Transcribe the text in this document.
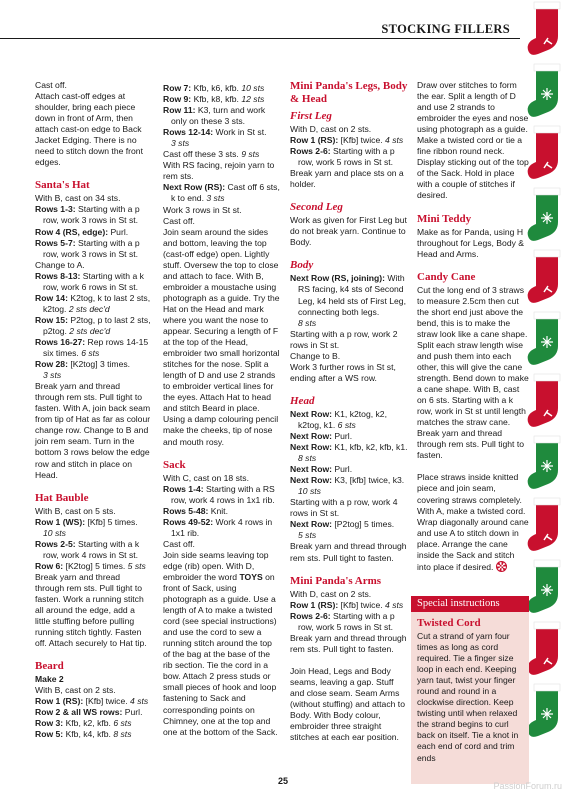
STOCKING FILLERS

Cast off.

Attach cast-off edges at shoulder, bring each piece down in front of Arm, then attach cast-on edge to Back Jacket Edging. There is no need to stitch down the front edges.

Santa's Hat

With B, cast on 34 sts.

Rows 1-3: Starting with a p row, work 3 rows in St st.

Row 4 (RS, edge): Purl.

Rows 5-7: Starting with a p row, work 3 rows in St st.

Change to A.

Rows 8-13: Starting with a k row, work 6 rows in St st.

Row 14: K2tog, k to last 2 sts, k2tog. 2 sts dec'd

Row 15: P2tog, p to last 2 sts, p2tog. 2 sts dec'd

Rows 16-27: Rep rows 14-15 six times. 6 sts

Row 28: [K2tog] 3 times.

3 sts

Break yarn and thread through rem sts. Pull tight to fasten. With A, join back seam from tip of Hat as far as colour change row. Change to B and join rem seam. Turn in the bottom 3 rows below the edge row and stitch in place on Head.

Hat Bauble

With B, cast on 5 sts.

Row 1 (WS): [Kfb] 5 times.

10 sts

Rows 2-5: Starting with a k row, work 4 rows in St st.

Row 6: [K2tog] 5 times. 5 sts

Break yarn and thread through rem sts. Pull tight to fasten. Work a running stitch all around the edge, add a little stuffing before pulling running stitch tightly. Fasten off. Attach securely to Hat tip.

Beard

Make 2

With B, cast on 2 sts.

Row 1 (RS): [Kfb] twice. 4 sts

Row 2 & all WS rows: Purl.

Row 3: Kfb, k2, kfb. 6 sts

Row 5: Kfb, k4, kfb. 8 sts

Row 7: Kfb, k6, kfb. 10 sts

Row 9: Kfb, k8, kfb. 12 sts

Row 11: K3, turn and work only on these 3 sts.

Rows 12-14: Work in St st.

3 sts

Cast off these 3 sts. 9 sts

With RS facing, rejoin yarn to rem sts.

Next Row (RS): Cast off 6 sts, k to end. 3 sts

Work 3 rows in St st.

Cast off.

Join seam around the sides and bottom, leaving the top (cast-off edge) open. Lightly stuff. Oversew the top to close and attach to face. With B, embroider a moustache using photograph as a guide. Try the Hat on the Head and mark where you want the nose to appear. Securing a length of F at the top of the Head, embroider two small horizontal stitches for the nose. Split a length of D and use 2 strands to embroider vertical lines for the eyes. Attach Hat to head and stitch Beard in place. Using a damp colouring pencil make the cheeks, tip of nose and mouth rosy.

Sack

With C, cast on 18 sts.

Rows 1-4: Starting with a RS row, work 4 rows in 1x1 rib.

Rows 5-48: Knit.

Rows 49-52: Work 4 rows in 1x1 rib.

Cast off.

Join side seams leaving top edge (rib) open. With D, embroider the word TOYS on front of Sack, using photograph as a guide. Use a length of A to make a twisted cord (see special instructions) and use the cord to sew a running stitch around the top of the bag at the base of the rib section. Tie the cord in a bow. Attach 2 press studs or small pieces of hook and loop fastening to Sack and corresponding points on Chimney, one at the top and one at the bottom of the Sack.

Mini Panda's Legs, Body & Head
First Leg

With D, cast on 2 sts.

Row 1 (RS): [Kfb] twice. 4 sts

Rows 2-6: Starting with a p row, work 5 rows in St st.

Break yarn and place sts on a holder.

Second Leg

Work as given for First Leg but do not break yarn. Continue to Body.

Body

Next Row (RS, joining): With RS facing, k4 sts of Second Leg, k4 held sts of First Leg, connecting both legs.

8 sts

Starting with a p row, work 2 rows in St st.

Change to B.

Work 3 further rows in St st, ending after a WS row.

Head

Next Row: K1, k2tog, k2, k2tog, k1. 6 sts

Next Row: Purl.

Next Row: K1, kfb, k2, kfb, k1. 8 sts

Next Row: Purl.

Next Row: K3, [kfb] twice, k3.

10 sts

Starting with a p row, work 4 rows in St st.

Next Row: [P2tog] 5 times.

5 sts

Break yarn and thread through rem sts. Pull tight to fasten.

Mini Panda's Arms

With D, cast on 2 sts.

Row 1 (RS): [Kfb] twice. 4 sts

Rows 2-6: Starting with a p row, work 5 rows in St st.

Break yarn and thread through rem sts. Pull tight to fasten.

Join Head, Legs and Body seams, leaving a gap. Stuff and close seam. Seam Arms (without stuffing) and attach to Body. With Body colour, embroider three straight stitches at each ear position.

Draw over stitches to form the ear. Split a length of D and use 2 strands to embroider the eyes and nose using photograph as a guide. Make a twisted cord or tie a fine ribbon round neck. Display sticking out of the top of the Sack. Hold in place with a couple of stitches if desired.

Mini Teddy

Make as for Panda, using H throughout for Legs, Body & Head and Arms.

Candy Cane

Cut the long end of 3 straws to measure 2.5cm then cut the short end just above the bend, this is to make the straw look like a cane shape.

Split each straw length wise and push them into each other, this will give the cane strength. Bend down to make a cane shape. With B, cast on 6 sts. Starting with a k row, work in St st until length matches the straw cane.

Break yarn and thread through rem sts. Pull tight to fasten.

Place straws inside knitted piece and join seam, covering straws completely.

With A, make a twisted cord. Wrap diagonally around cane and use A to stitch down in place. Arrange the cane inside the Sack and stitch into place if desired.

Special instructions
Twisted Cord

Cut a strand of yarn four times as long as cord required. Tie a finger size loop in each end. Keeping yarn taut, twist your finger round and round in a clockwise direction. Keep twisting until when relaxed the strand begins to curl back on itself. Tie a knot in each end of cord and trim ends

25	PassionForum.ru
